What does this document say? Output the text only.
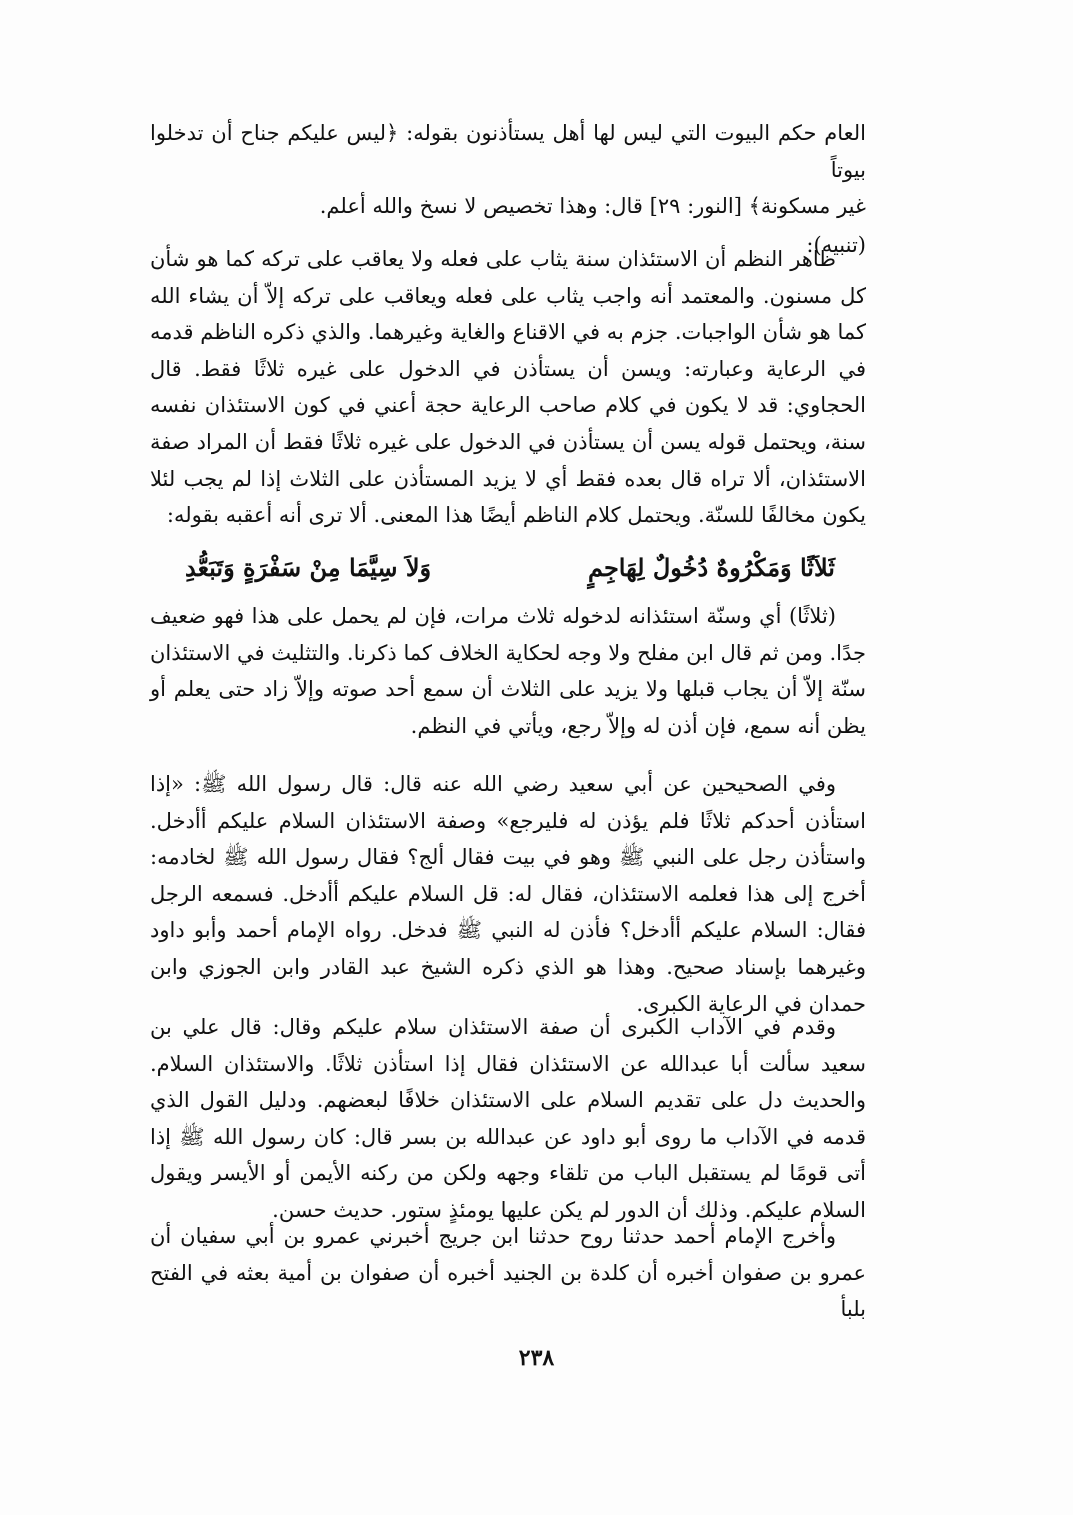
العام حكم البيوت التي ليس لها أهل يستأذنون بقوله: ﴿ليس عليكم جناح أن تدخلوا بيوتاً

غير مسكونة﴾ [النور: ٢٩] قال: وهذا تخصيص لا نسخ والله أعلم.

(تنبيه):

ظاهر النظم أن الاستئذان سنة يثاب على فعله ولا يعاقب على تركه كما هو شأن كل مسنون. والمعتمد أنه واجب يثاب على فعله ويعاقب على تركه إلاّ أن يشاء الله كما هو شأن الواجبات. جزم به في الاقناع والغاية وغيرهما. والذي ذكره الناظم قدمه في الرعاية وعبارته: ويسن أن يستأذن في الدخول على غيره ثلاثًا فقط. قال الحجاوي: قد لا يكون في كلام صاحب الرعاية حجة أعني في كون الاستئذان نفسه سنة، ويحتمل قوله يسن أن يستأذن في الدخول على غيره ثلاثًا فقط أن المراد صفة الاستئذان، ألا تراه قال بعده فقط أي لا يزيد المستأذن على الثلاث إذا لم يجب لئلا يكون مخالفًا للسنّة. ويحتمل كلام الناظم أيضًا هذا المعنى. ألا ترى أنه أعقبه بقوله:

ثَلاَثًا وَمَكْرُوهٌ دُخُولٌ لِهَاجِمٍ
وَلاَ سِيَّمَا مِنْ سَفْرَةٍ وَتَبَعُّدِ

(ثلاثًا) أي وسنّة استئذانه لدخوله ثلاث مرات، فإن لم يحمل على هذا فهو ضعيف جدًا. ومن ثم قال ابن مفلح ولا وجه لحكاية الخلاف كما ذكرنا. والتثليث في الاستئذان سنّة إلاّ أن يجاب قبلها ولا يزيد على الثلاث أن سمع أحد صوته وإلاّ زاد حتى يعلم أو يظن أنه سمع، فإن أذن له وإلاّ رجع، ويأتي في النظم.

وفي الصحيحين عن أبي سعيد رضي الله عنه قال: قال رسول الله ﷺ: «إذا استأذن أحدكم ثلاثًا فلم يؤذن له فليرجع» وصفة الاستئذان السلام عليكم أأدخل. واستأذن رجل على النبي ﷺ وهو في بيت فقال ألج؟ فقال رسول الله ﷺ لخادمه: أخرج إلى هذا فعلمه الاستئذان، فقال له: قل السلام عليكم أأدخل. فسمعه الرجل فقال: السلام عليكم أأدخل؟ فأذن له النبي ﷺ فدخل. رواه الإمام أحمد وأبو داود وغيرهما بإسناد صحيح. وهذا هو الذي ذكره الشيخ عبد القادر وابن الجوزي وابن حمدان في الرعاية الكبرى.

وقدم في الآداب الكبرى أن صفة الاستئذان سلام عليكم وقال: قال علي بن سعيد سألت أبا عبدالله عن الاستئذان فقال إذا استأذن ثلاثًا. والاستئذان السلام. والحديث دل على تقديم السلام على الاستئذان خلافًا لبعضهم. ودليل القول الذي قدمه في الآداب ما روى أبو داود عن عبدالله بن بسر قال: كان رسول الله ﷺ إذا أتى قومًا لم يستقبل الباب من تلقاء وجهه ولكن من ركنه الأيمن أو الأيسر ويقول السلام عليكم. وذلك أن الدور لم يكن عليها يومئذٍ ستور. حديث حسن.

وأخرج الإمام أحمد حدثنا روح حدثنا ابن جريج أخبرني عمرو بن أبي سفيان أن عمرو بن صفوان أخبره أن كلدة بن الجنيد أخبره أن صفوان بن أمية بعثه في الفتح بلبأ

٢٣٨
